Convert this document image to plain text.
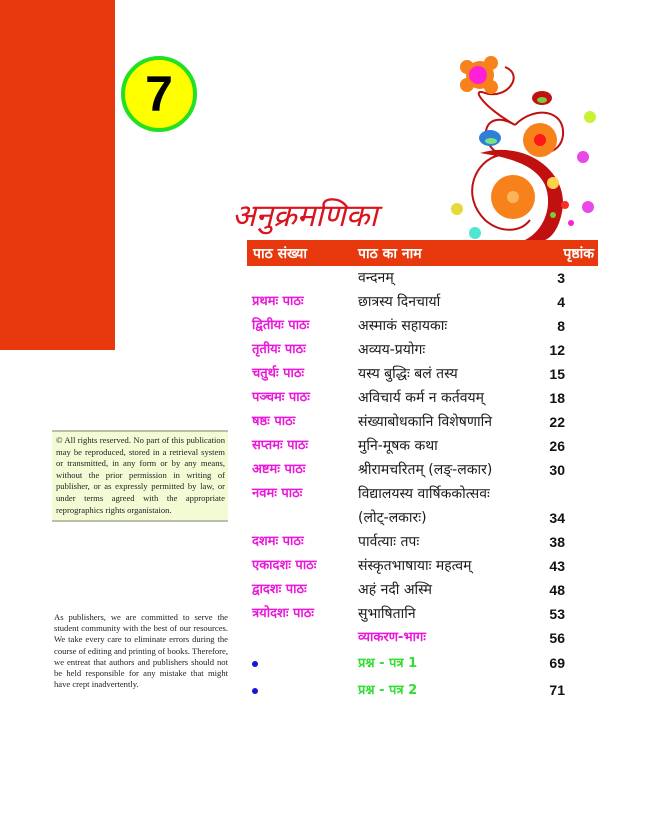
7
अनुक्रमणिका
पाठ संख्या	पाठ का नाम	पृष्ठांक
वन्दनम्	3
प्रथमः पाठः	छात्रस्य दिनचार्या	4
द्वितीयः पाठः	अस्माकं सहायकाः	8
तृतीयः पाठः	अव्यय-प्रयोगः	12
चतुर्थः पाठः	यस्य बुद्धिः बलं तस्य	15
पञ्चमः पाठः	अविचार्य कर्म न कर्तवयम्	18
षष्ठः पाठः	संख्याबोधकानि विशेषणानि	22
सप्तमः पाठः	मुनि-मूषक कथा	26
अष्टमः पाठः	श्रीरामचरितम् (लङ्-लकार)	30
नवमः पाठः	विद्यालयस्य वार्षिककोत्सवः
(लोट्-लकारः)	34
दशमः पाठः	पार्वत्याः तपः	38
एकादशः पाठः	संस्कृतभाषायाः महत्वम्	43
द्वादशः पाठः	अहं नदी अस्मि	48
त्रयोदशः पाठः	सुभाषितानि	53
व्याकरण-भागः	56
प्रश्न - पत्र 1	69
प्रश्न - पत्र 2	71
© All rights reserved. No part of this publication may be reproduced, stored in a retrieval system or transmitted, in any form or by any means, without the prior permission in writing of publisher, or as expressly permitted by law, or under terms agreed with the appropriate reprographics rights organistaion.
As publishers, we are committed to serve the student community with the best of our resources. We take every care to eliminate errors during the course of editing and printing of books. Therefore, we entreat that authors and publishers should not be held responsible for any mistake that might have crept inadvertently.
